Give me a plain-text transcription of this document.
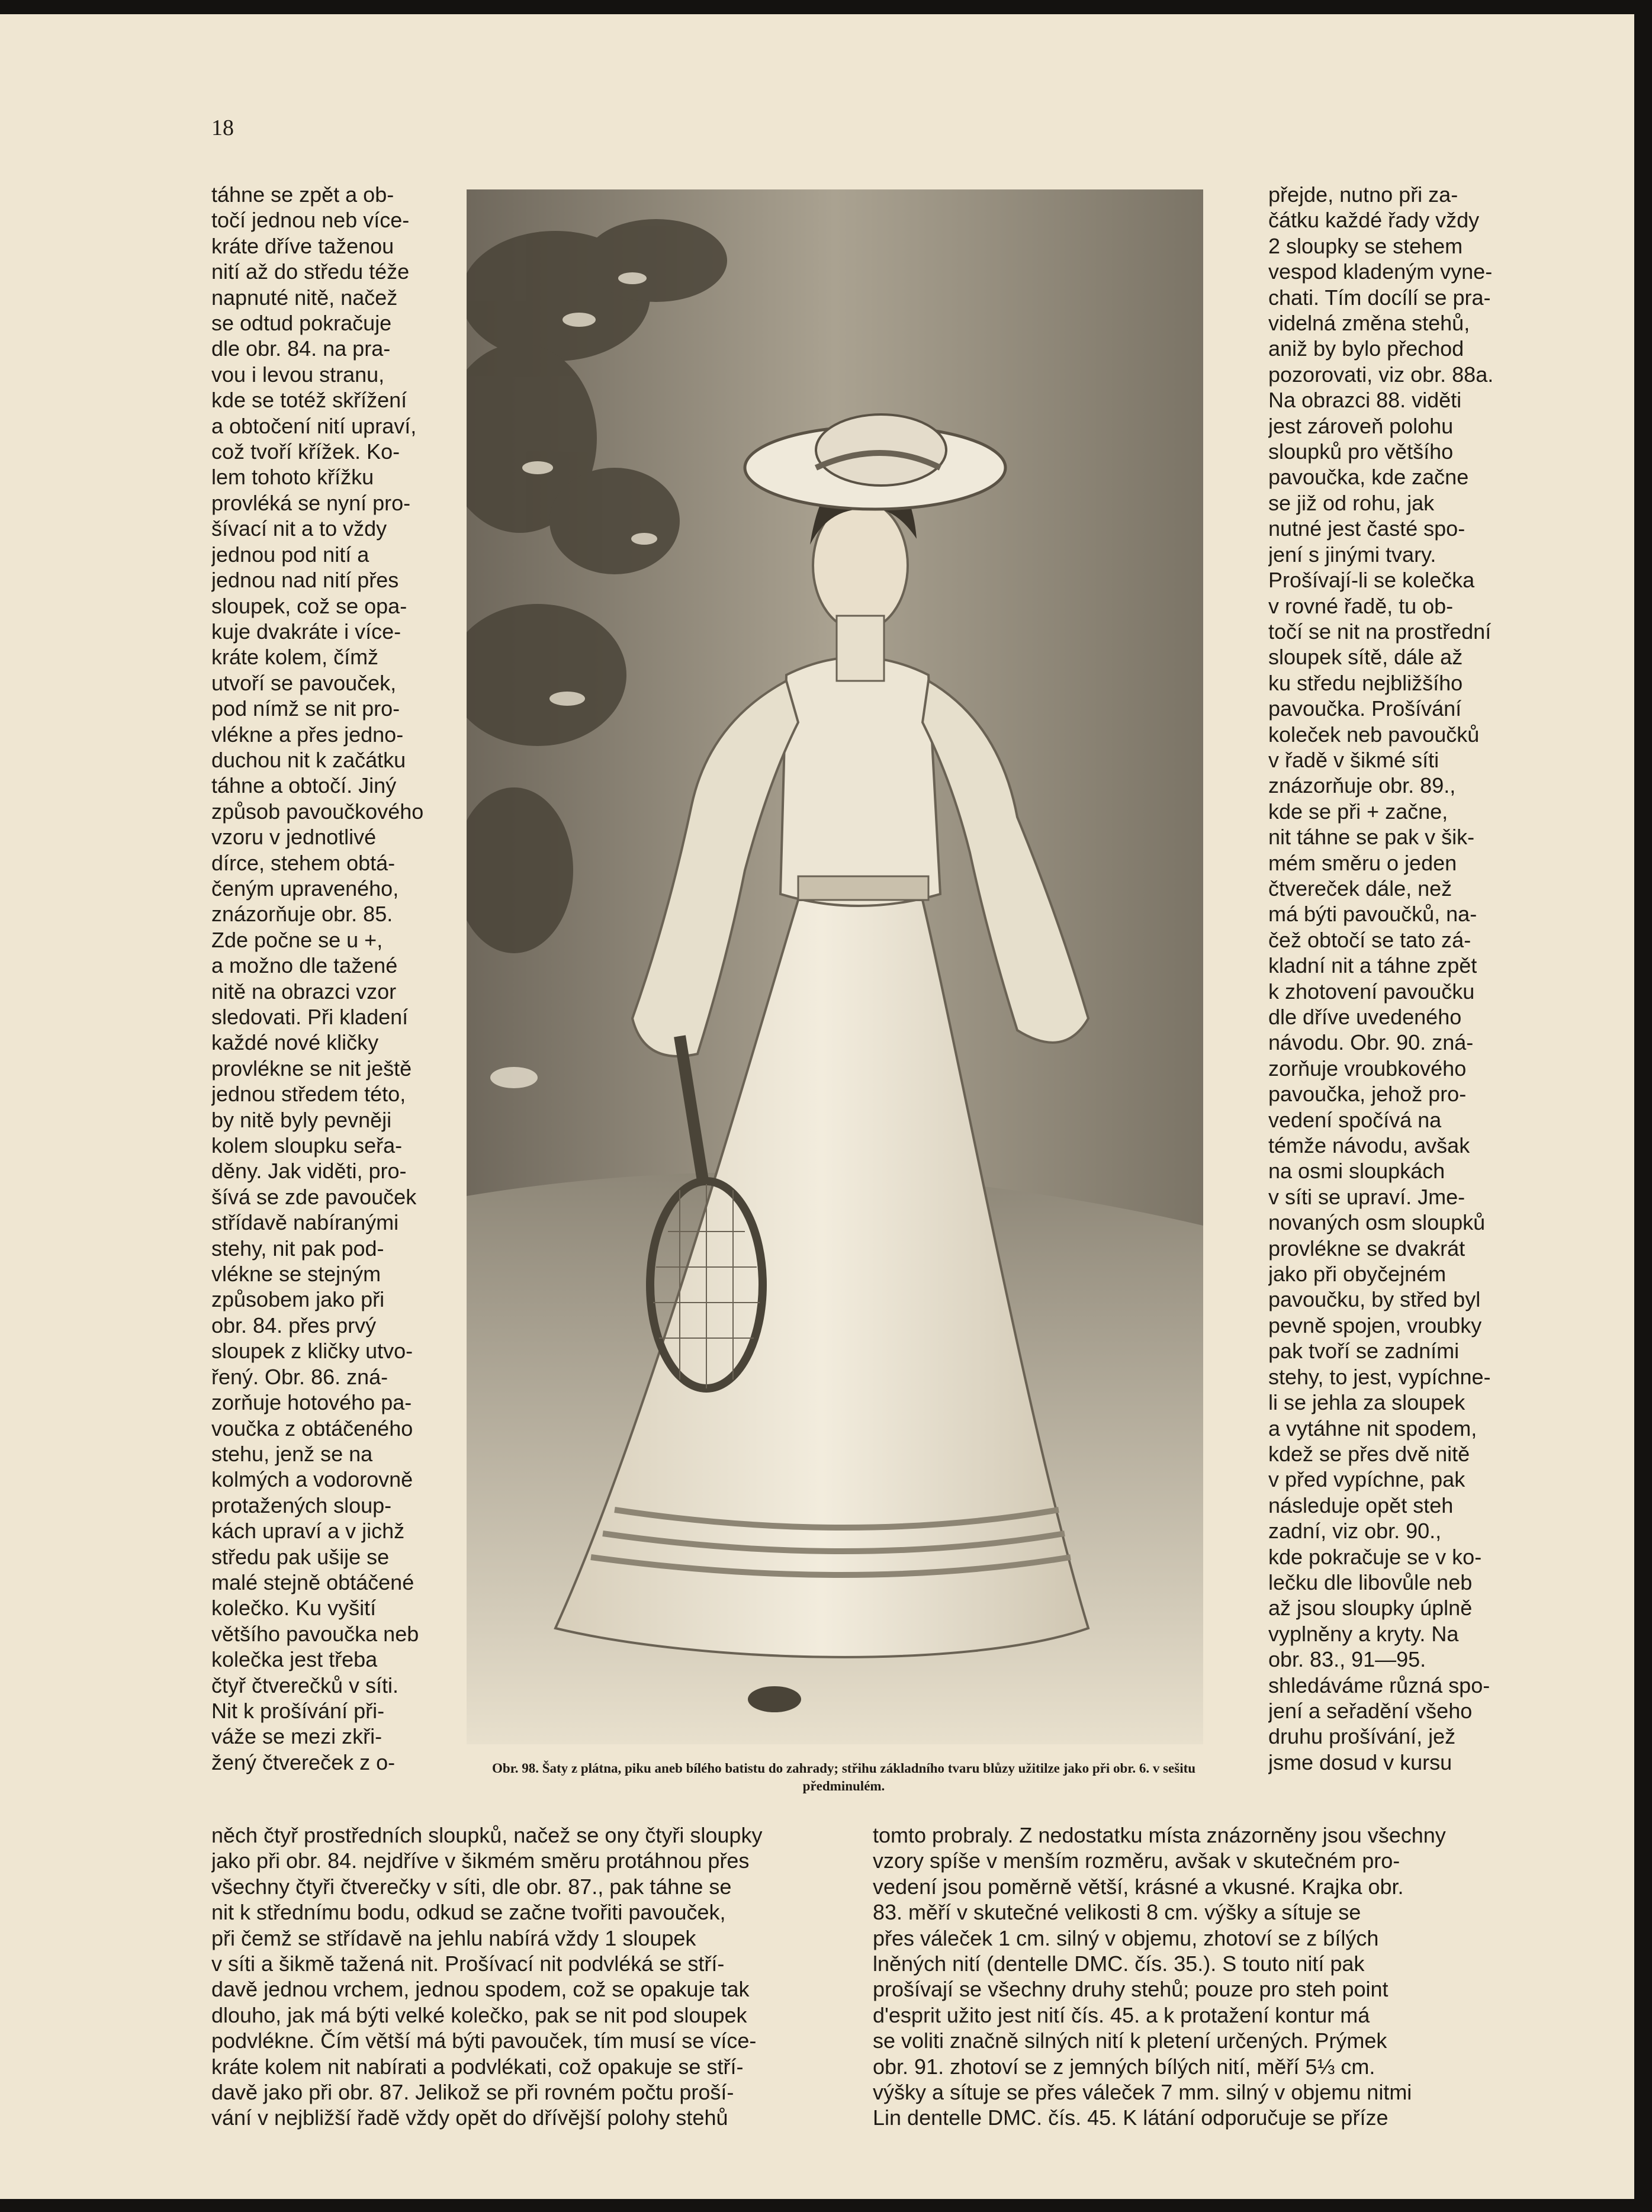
18

táhne se zpět a ob-
točí jednou neb více-
kráte dříve taženou
nití až do středu téže
napnuté nitě, načež
se odtud pokračuje
dle obr. 84. na pra-
vou i levou stranu,
kde se totéž skřížení
a obtočení nití upraví,
což tvoří křížek. Ko-
lem tohoto křížku
provléká se nyní pro-
šívací nit a to vždy
jednou pod nití a
jednou nad nití přes
sloupek, což se opa-
kuje dvakráte i více-
kráte kolem, čímž
utvoří se pavouček,
pod nímž se nit pro-
vlékne a přes jedno-
duchou nit k začátku
táhne a obtočí. Jiný
způsob pavoučkového
vzoru v jednotlivé
dírce, stehem obtá-
čeným upraveného,
znázorňuje obr. 85.
Zde počne se u +,
a možno dle tažené
nitě na obrazci vzor
sledovati. Při kladení
každé nové kličky
provlékne se nit ještě
jednou středem této,
by nitě byly pevněji
kolem sloupku seřa-
děny. Jak viděti, pro-
šívá se zde pavouček
střídavě nabíranými
stehy, nit pak pod-
vlékne se stejným
způsobem jako při
obr. 84. přes prvý
sloupek z kličky utvo-
řený. Obr. 86. zná-
zorňuje hotového pa-
voučka z obtáčeného
stehu, jenž se na
kolmých a vodorovně
protažených sloup-
kách upraví a v jichž
středu pak ušije se
malé stejně obtáčené
kolečko. Ku vyšití
většího pavoučka neb
kolečka jest třeba
čtyř čtverečků v síti.
Nit k prošívání při-
váže se mezi zkři-
žený čtvereček z o-	Obr. 98. Šaty z plátna, piku aneb bílého batistu do zahrady; střihu základního tvaru blůzy užitilze jako při obr. 6. v sešitu předminulém.

přejde, nutno při za-
čátku každé řady vždy
2 sloupky se stehem
vespod kladeným vyne-
chati. Tím docílí se pra-
videlná změna stehů,
aniž by bylo přechod
pozorovati, viz obr. 88a.
Na obrazci 88. viděti
jest zároveň polohu
sloupků pro většího
pavoučka, kde začne
se již od rohu, jak
nutné jest časté spo-
jení s jinými tvary.
Prošívají-li se kolečka
v rovné řadě, tu ob-
točí se nit na prostřední
sloupek sítě, dále až
ku středu nejbližšího
pavoučka. Prošívání
koleček neb pavoučků
v řadě v šikmé síti
znázorňuje obr. 89.,
kde se při + začne,
nit táhne se pak v šik-
mém směru o jeden
čtvereček dále, než
má býti pavoučků, na-
čež obtočí se tato zá-
kladní nit a táhne zpět
k zhotovení pavoučku
dle dříve uvedeného
návodu. Obr. 90. zná-
zorňuje vroubkového
pavoučka, jehož pro-
vedení spočívá na
témže návodu, avšak
na osmi sloupkách
v síti se upraví. Jme-
novaných osm sloupků
provlékne se dvakrát
jako při obyčejném
pavoučku, by střed byl
pevně spojen, vroubky
pak tvoří se zadními
stehy, to jest, vypíchne-
li se jehla za sloupek
a vytáhne nit spodem,
kdež se přes dvě nitě
v před vypíchne, pak
následuje opět steh
zadní, viz obr. 90.,
kde pokračuje se v ko-
lečku dle libovůle neb
až jsou sloupky úplně
vyplněny a kryty. Na
obr. 83., 91—95.
shledáváme různá spo-
jení a seřadění všeho
druhu prošívání, jež
jsme dosud v kursu

něch čtyř prostředních sloupků, načež se ony čtyři sloupky
jako při obr. 84. nejdříve v šikmém směru protáhnou přes
všechny čtyři čtverečky v síti, dle obr. 87., pak táhne se
nit k střednímu bodu, odkud se začne tvořiti pavouček,
při čemž se střídavě na jehlu nabírá vždy 1 sloupek
v síti a šikmě tažená nit. Prošívací nit podvléká se stří-
davě jednou vrchem, jednou spodem, což se opakuje tak
dlouho, jak má býti velké kolečko, pak se nit pod sloupek
podvlékne. Čím větší má býti pavouček, tím musí se více-
kráte kolem nit nabírati a podvlékati, což opakuje se stří-
davě jako při obr. 87. Jelikož se při rovném počtu proší-
vání v nejbližší řadě vždy opět do dřívější polohy stehů

tomto probraly. Z nedostatku místa znázorněny jsou všechny
vzory spíše v menším rozměru, avšak v skutečném pro-
vedení jsou poměrně větší, krásné a vkusné. Krajka obr.
83. měří v skutečné velikosti 8 cm. výšky a sítuje se
přes váleček 1 cm. silný v objemu, zhotoví se z bílých
lněných nití (dentelle DMC. čís. 35.). S touto nití pak
prošívají se všechny druhy stehů; pouze pro steh point
d'esprit užito jest nití čís. 45. a k protažení kontur má
se voliti značně silných nití k pletení určených. Prýmek
obr. 91. zhotoví se z jemných bílých nití, měří 5⅓ cm.
výšky a sítuje se přes váleček 7 mm. silný v objemu nitmi
Lin dentelle DMC. čís. 45. K látání odporučuje se příze
